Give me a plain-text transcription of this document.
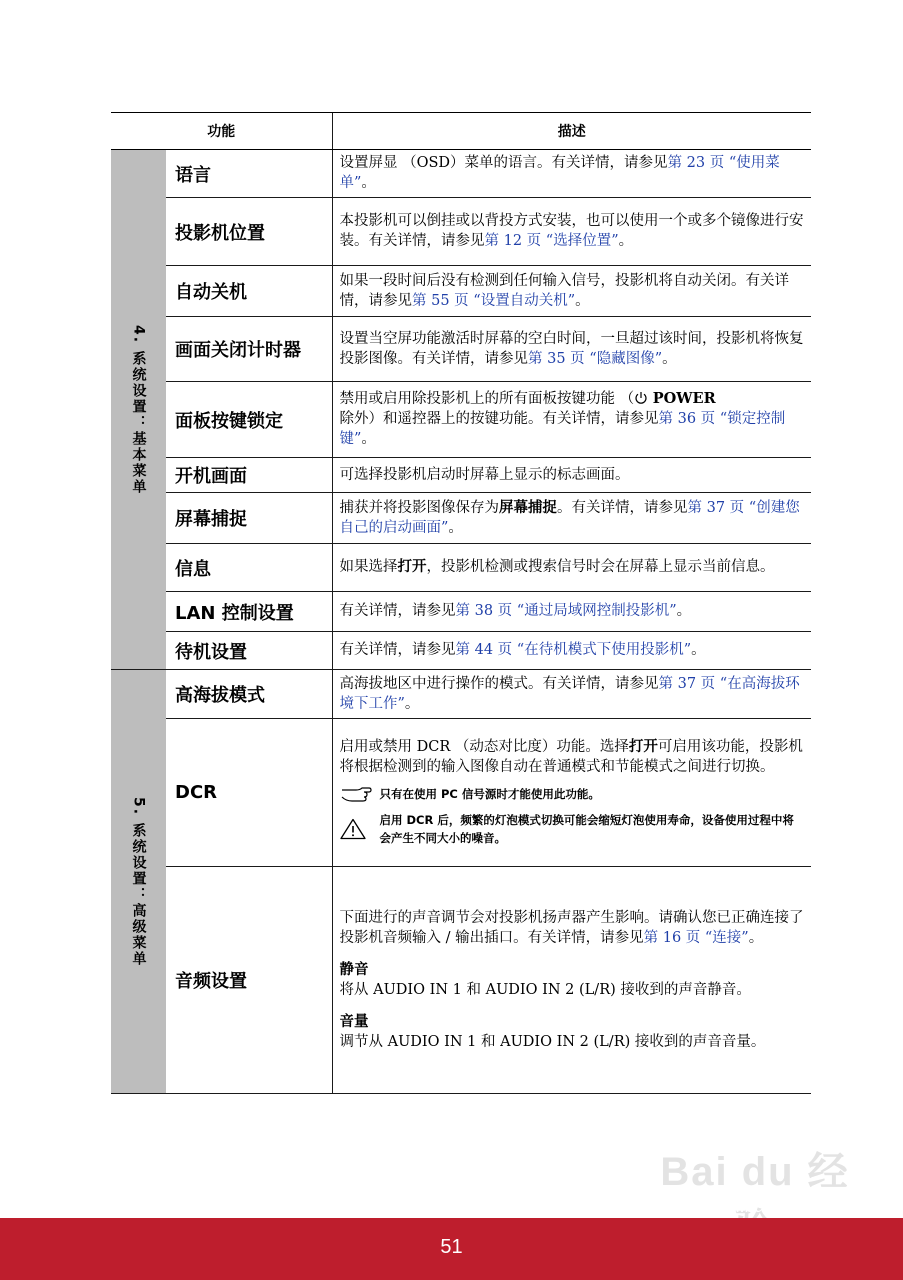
功能		描述

4. 系统设置：基本菜单	语言	设置屏显 （OSD）菜单的语言。有关详情，请参见第 23 页 “使用菜单”。
	投影机位置	本投影机可以倒挂或以背投方式安装，也可以使用一个或多个镜像进行安装。有关详情，请参见第 12 页 “选择位置”。
	自动关机	如果一段时间后没有检测到任何输入信号，投影机将自动关闭。有关详情，请参见第 55 页 “设置自动关机”。
	画面关闭计时器	设置当空屏功能激活时屏幕的空白时间，一旦超过该时间，投影机将恢复投影图像。有关详情，请参见第 35 页 “隐藏图像”。
	面板按键锁定	禁用或启用除投影机上的所有面板按键功能 （ POWER
除外）和遥控器上的按键功能。有关详情，请参见第 36 页 “锁定控制键”。
	开机画面	可选择投影机启动时屏幕上显示的标志画面。
	屏幕捕捉	捕获并将投影图像保存为屏幕捕捉。有关详情，请参见第 37 页 “创建您自己的启动画面”。
	信息	如果选择打开，投影机检测或搜索信号时会在屏幕上显示当前信息。
	LAN 控制设置	有关详情，请参见第 38 页 “通过局域网控制投影机”。
	待机设置	有关详情，请参见第 44 页 “在待机模式下使用投影机”。

5. 系统设置：高级菜单	高海拔模式	高海拔地区中进行操作的模式。有关详情，请参见第 37 页 “在高海拔环境下工作”。
	DCR	启用或禁用 DCR （动态对比度）功能。选择打开可启用该功能，投影机将根据检测到的输入图像自动在普通模式和节能模式之间进行切换。
只有在使用 PC 信号源时才能使用此功能。
启用 DCR 后，频繁的灯泡模式切换可能会缩短灯泡使用寿命，设备使用过程中将会产生不同大小的噪音。

	音频设置	下面进行的声音调节会对投影机扬声器产生影响。请确认您已正确连接了投影机音频输入 / 输出插口。有关详情，请参见第 16 页 “连接”。
静音
将从 AUDIO IN 1 和 AUDIO IN 2 (L/R) 接收到的声音静音。
音量
调节从 AUDIO IN 1 和 AUDIO IN 2 (L/R) 接收到的声音音量。
Bai du 经
51
jingyan.baidu.com
